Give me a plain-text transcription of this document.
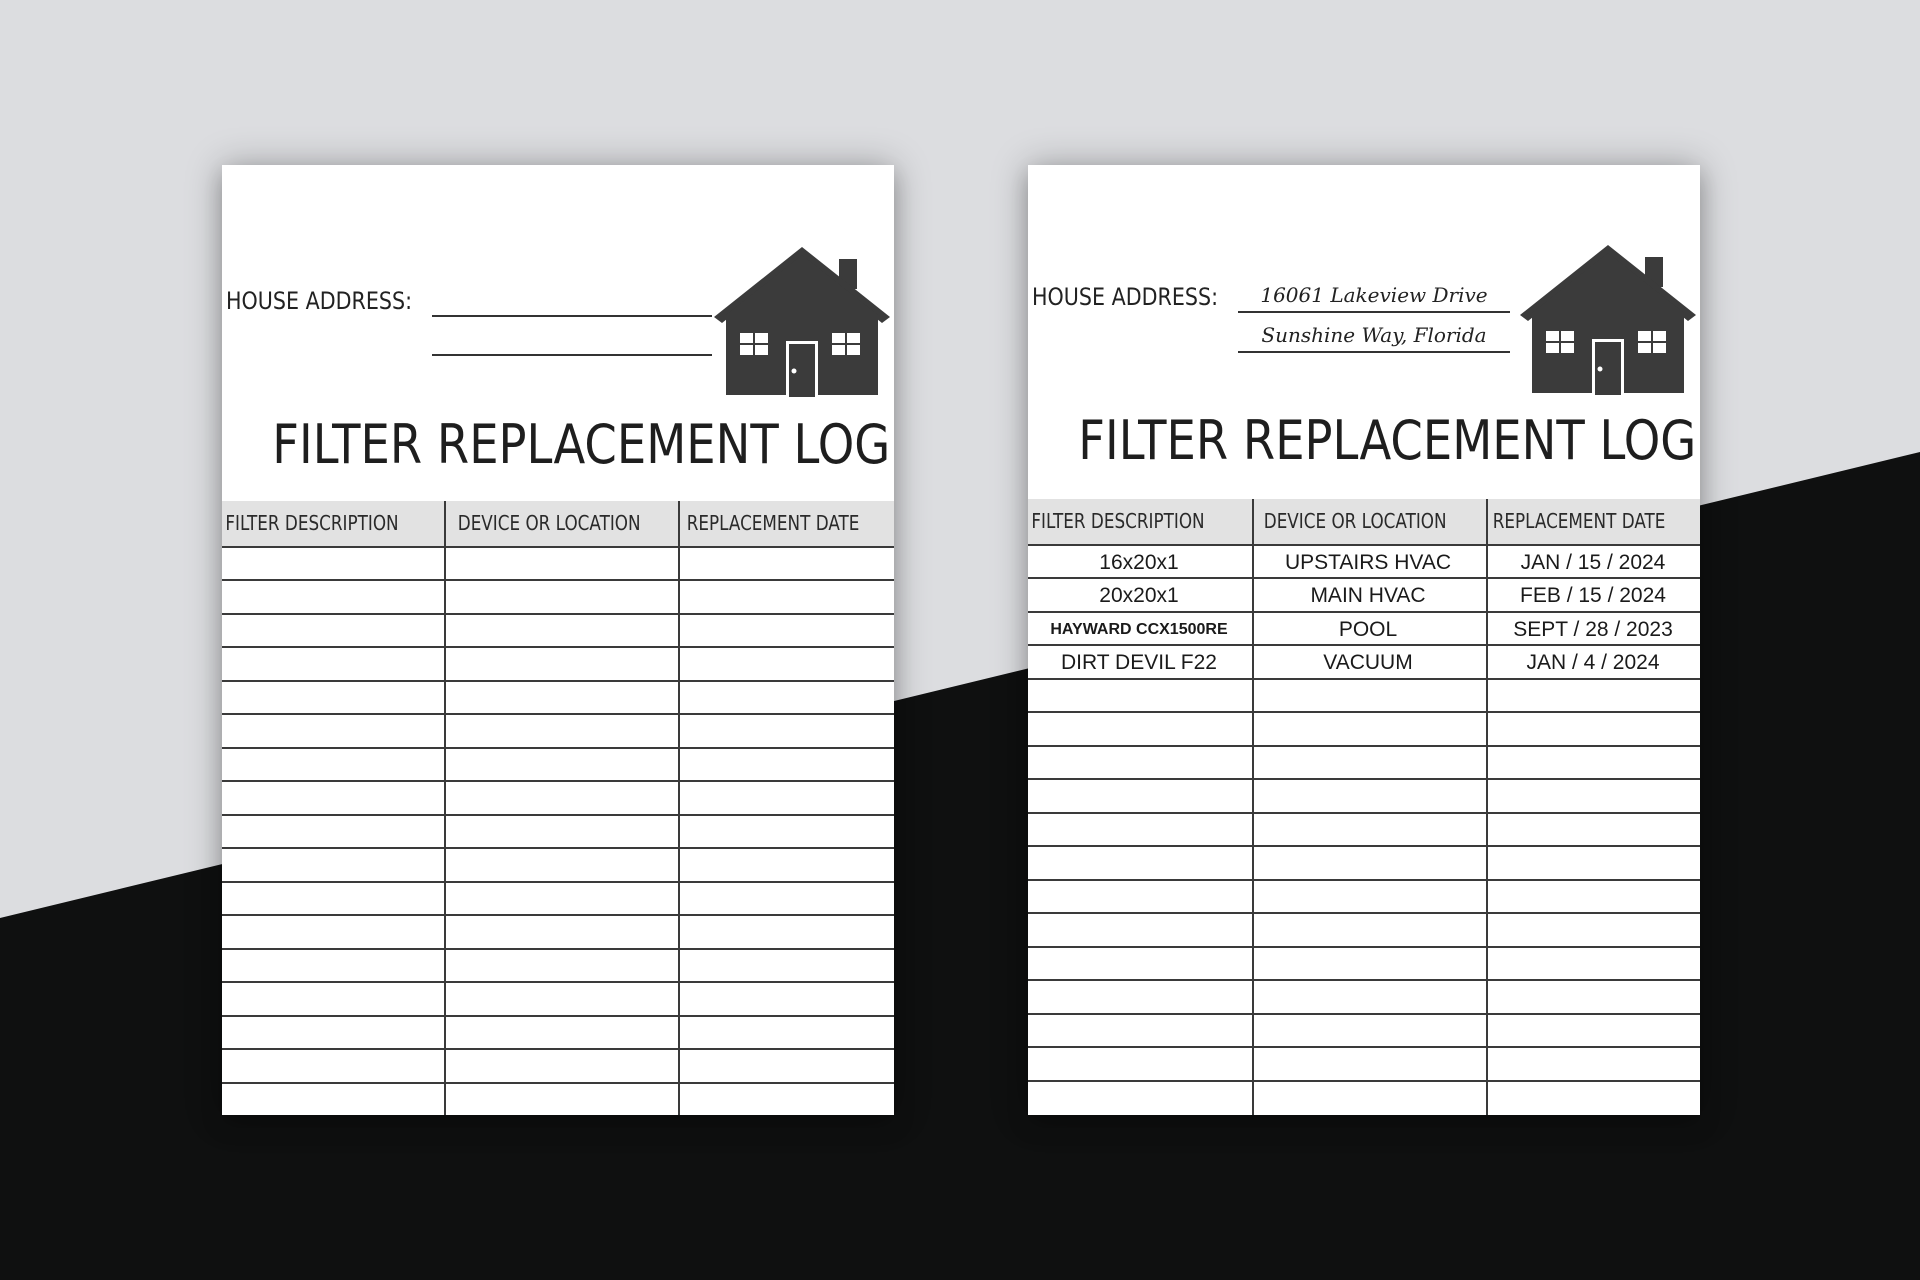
HOUSE ADDRESS:
FILTER REPLACEMENT LOG
FILTER DESCRIPTION	DEVICE OR LOCATION	REPLACEMENT DATE
HOUSE ADDRESS:	16061 Lakeview Drive
Sunshine Way, Florida
FILTER REPLACEMENT LOG
FILTER DESCRIPTION	DEVICE OR LOCATION	REPLACEMENT DATE
16x20x1	UPSTAIRS HVAC	JAN / 15 / 2024
20x20x1	MAIN HVAC	FEB / 15 / 2024
HAYWARD CCX1500RE	POOL	SEPT / 28 / 2023
DIRT DEVIL F22	VACUUM	JAN / 4 / 2024
